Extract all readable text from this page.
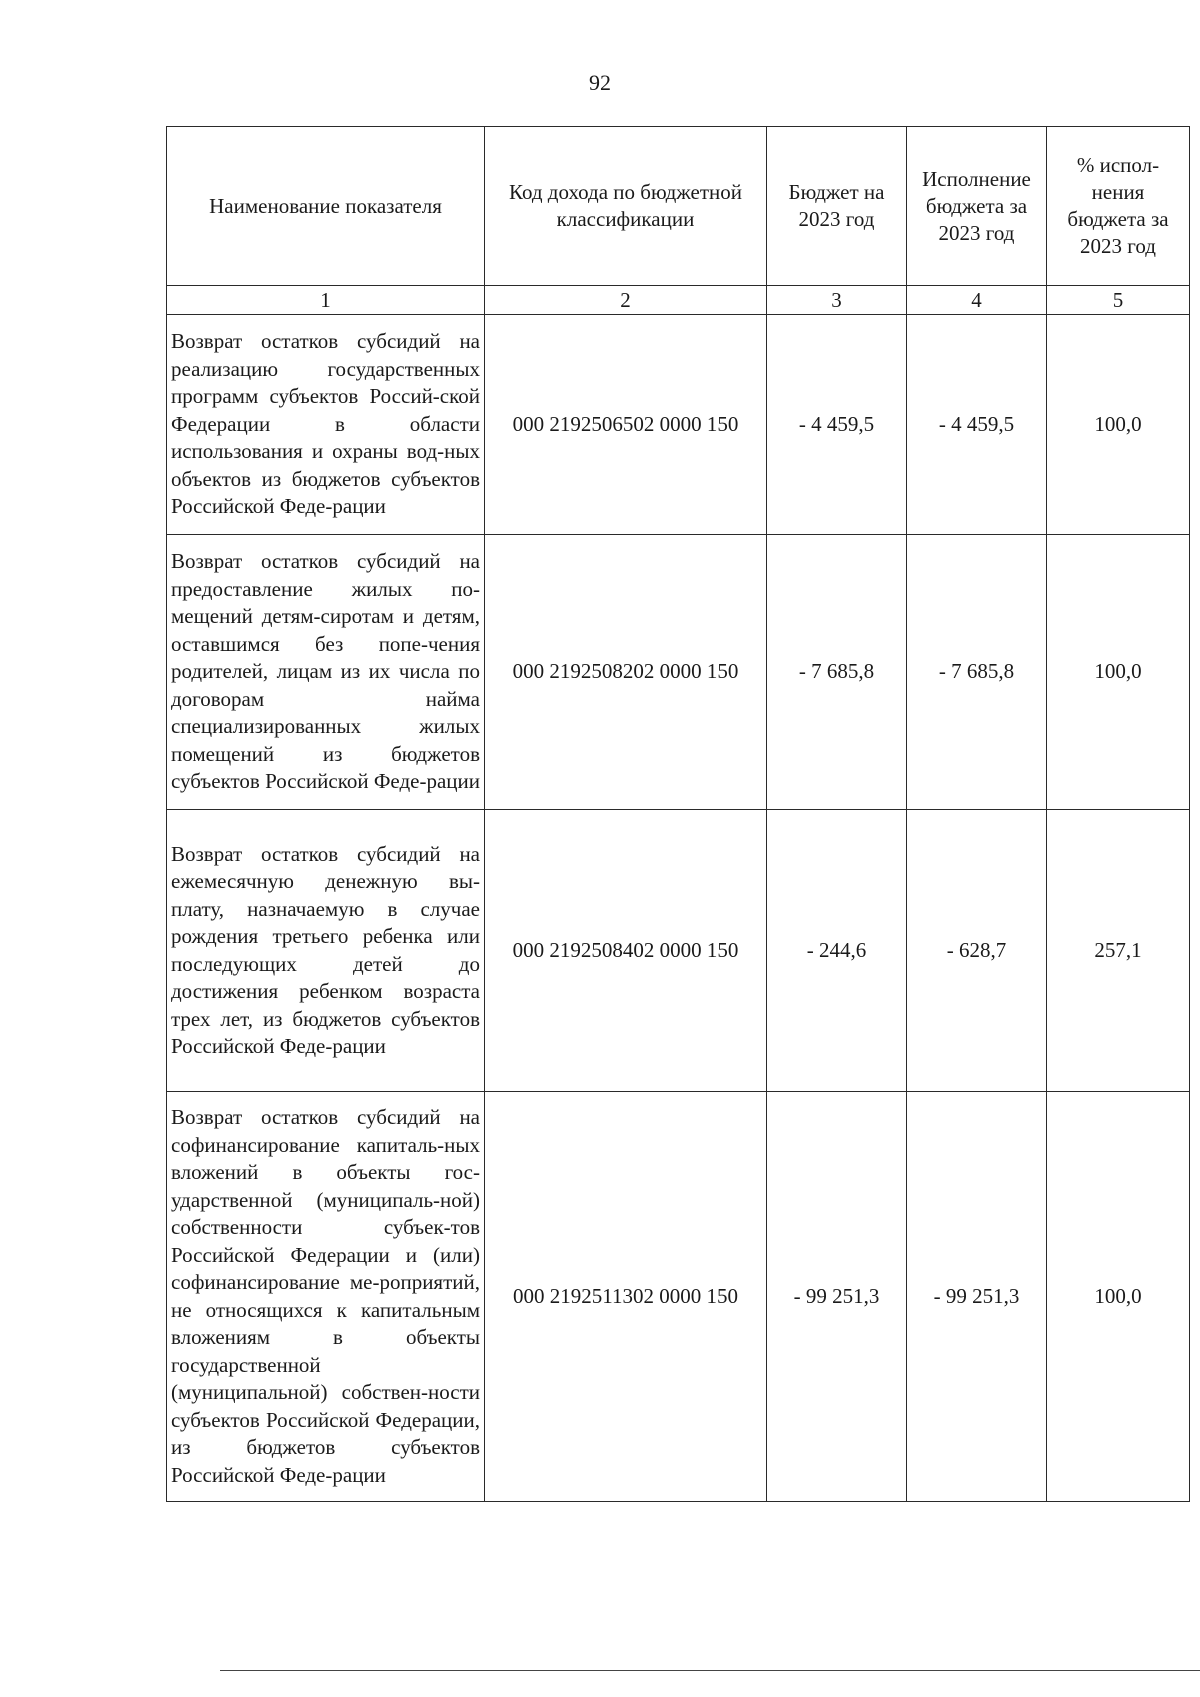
92
Наименование показателя	Код дохода по бюджетной классификации	Бюджет на 2023 год	Исполнение бюджета за 2023 год	% испол-нения бюджета за 2023 год
1	2	3	4	5
Возврат остатков субсидий на реализацию государственных программ субъектов Россий-ской Федерации в области использования и охраны вод-ных объектов из бюджетов субъектов Российской Феде-рации	000 2192506502 0000 150	- 4 459,5	- 4 459,5	100,0
Возврат остатков субсидий на предоставление жилых по-мещений детям-сиротам и детям, оставшимся без попе-чения родителей, лицам из их числа по договорам найма специализированных жилых помещений из бюджетов субъектов Российской Феде-рации	000 2192508202 0000 150	- 7 685,8	- 7 685,8	100,0
Возврат остатков субсидий на ежемесячную денежную вы-плату, назначаемую в случае рождения третьего ребенка или последующих детей до достижения ребенком возраста трех лет, из бюджетов субъектов Российской Феде-рации	000 2192508402 0000 150	- 244,6	- 628,7	257,1
Возврат остатков субсидий на софинансирование капиталь-ных вложений в объекты гос-ударственной (муниципаль-ной) собственности субъек-тов Российской Федерации и (или) софинансирование ме-роприятий, не относящихся к капитальным вложениям в объекты государственной (муниципальной) собствен-ности субъектов Российской Федерации, из бюджетов субъектов Российской Феде-рации	000 2192511302 0000 150	- 99 251,3	- 99 251,3	100,0
